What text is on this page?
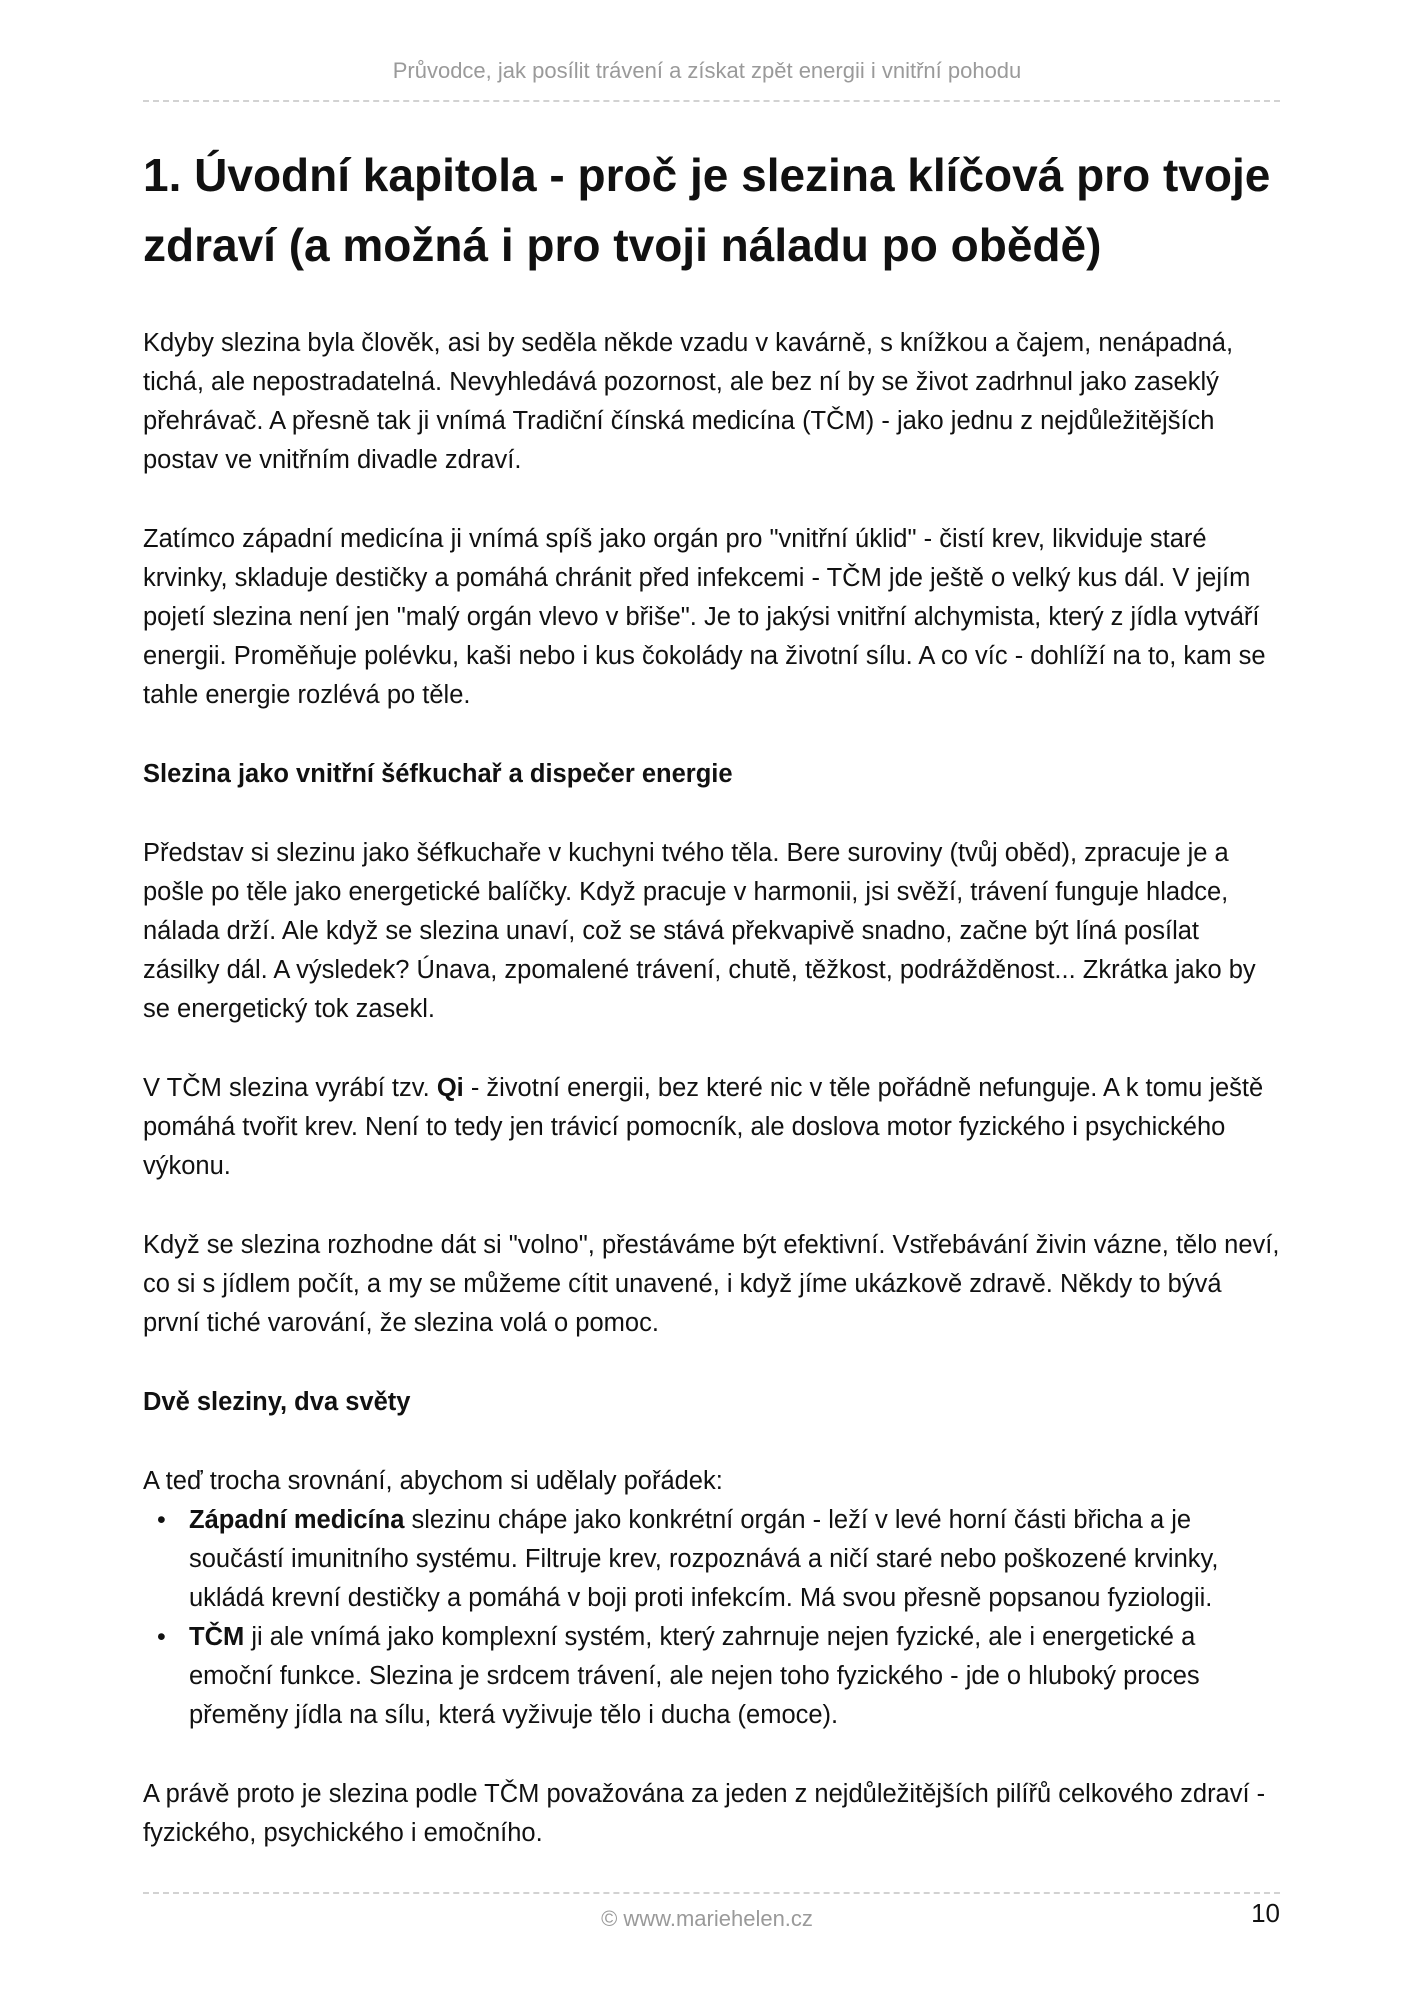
Průvodce, jak posílit trávení a získat zpět energii i vnitřní pohodu
1. Úvodní kapitola - proč je slezina klíčová pro tvoje zdraví (a možná i pro tvoji náladu po obědě)

Kdyby slezina byla člověk, asi by seděla někde vzadu v kavárně, s knížkou a čajem, nenápadná, tichá, ale nepostradatelná. Nevyhledává pozornost, ale bez ní by se život zadrhnul jako zaseklý přehrávač. A přesně tak ji vnímá Tradiční čínská medicína (TČM) - jako jednu z nejdůležitějších postav ve vnitřním divadle zdraví.

Zatímco západní medicína ji vnímá spíš jako orgán pro "vnitřní úklid" - čistí krev, likviduje staré krvinky, skladuje destičky a pomáhá chránit před infekcemi - TČM jde ještě o velký kus dál. V jejím pojetí slezina není jen "malý orgán vlevo v břiše". Je to jakýsi vnitřní alchymista, který z jídla vytváří energii. Proměňuje polévku, kaši nebo i kus čokolády na životní sílu. A co víc - dohlíží na to, kam se tahle energie rozlévá po těle.

Slezina jako vnitřní šéfkuchař a dispečer energie

Představ si slezinu jako šéfkuchaře v kuchyni tvého těla. Bere suroviny (tvůj oběd), zpracuje je a pošle po těle jako energetické balíčky. Když pracuje v harmonii, jsi svěží, trávení funguje hladce, nálada drží. Ale když se slezina unaví, což se stává překvapivě snadno, začne být líná posílat zásilky dál. A výsledek? Únava, zpomalené trávení, chutě, těžkost, podrážděnost... Zkrátka jako by se energetický tok zasekl.

V TČM slezina vyrábí tzv. Qi - životní energii, bez které nic v těle pořádně nefunguje. A k tomu ještě pomáhá tvořit krev. Není to tedy jen trávicí pomocník, ale doslova motor fyzického i psychického výkonu.

Když se slezina rozhodne dát si "volno", přestáváme být efektivní. Vstřebávání živin vázne, tělo neví, co si s jídlem počít, a my se můžeme cítit unavené, i když jíme ukázkově zdravě. Někdy to bývá první tiché varování, že slezina volá o pomoc.

Dvě sleziny, dva světy

A teď trocha srovnání, abychom si udělaly pořádek:

• Západní medicína slezinu chápe jako konkrétní orgán - leží v levé horní části břicha a je součástí imunitního systému. Filtruje krev, rozpoznává a ničí staré nebo poškozené krvinky, ukládá krevní destičky a pomáhá v boji proti infekcím. Má svou přesně popsanou fyziologii.
• TČM ji ale vnímá jako komplexní systém, který zahrnuje nejen fyzické, ale i energetické a emoční funkce. Slezina je srdcem trávení, ale nejen toho fyzického - jde o hluboký proces přeměny jídla na sílu, která vyživuje tělo i ducha (emoce).

A právě proto je slezina podle TČM považována za jeden z nejdůležitějších pilířů celkového zdraví - fyzického, psychického i emočního.

© www.mariehelen.cz	10
